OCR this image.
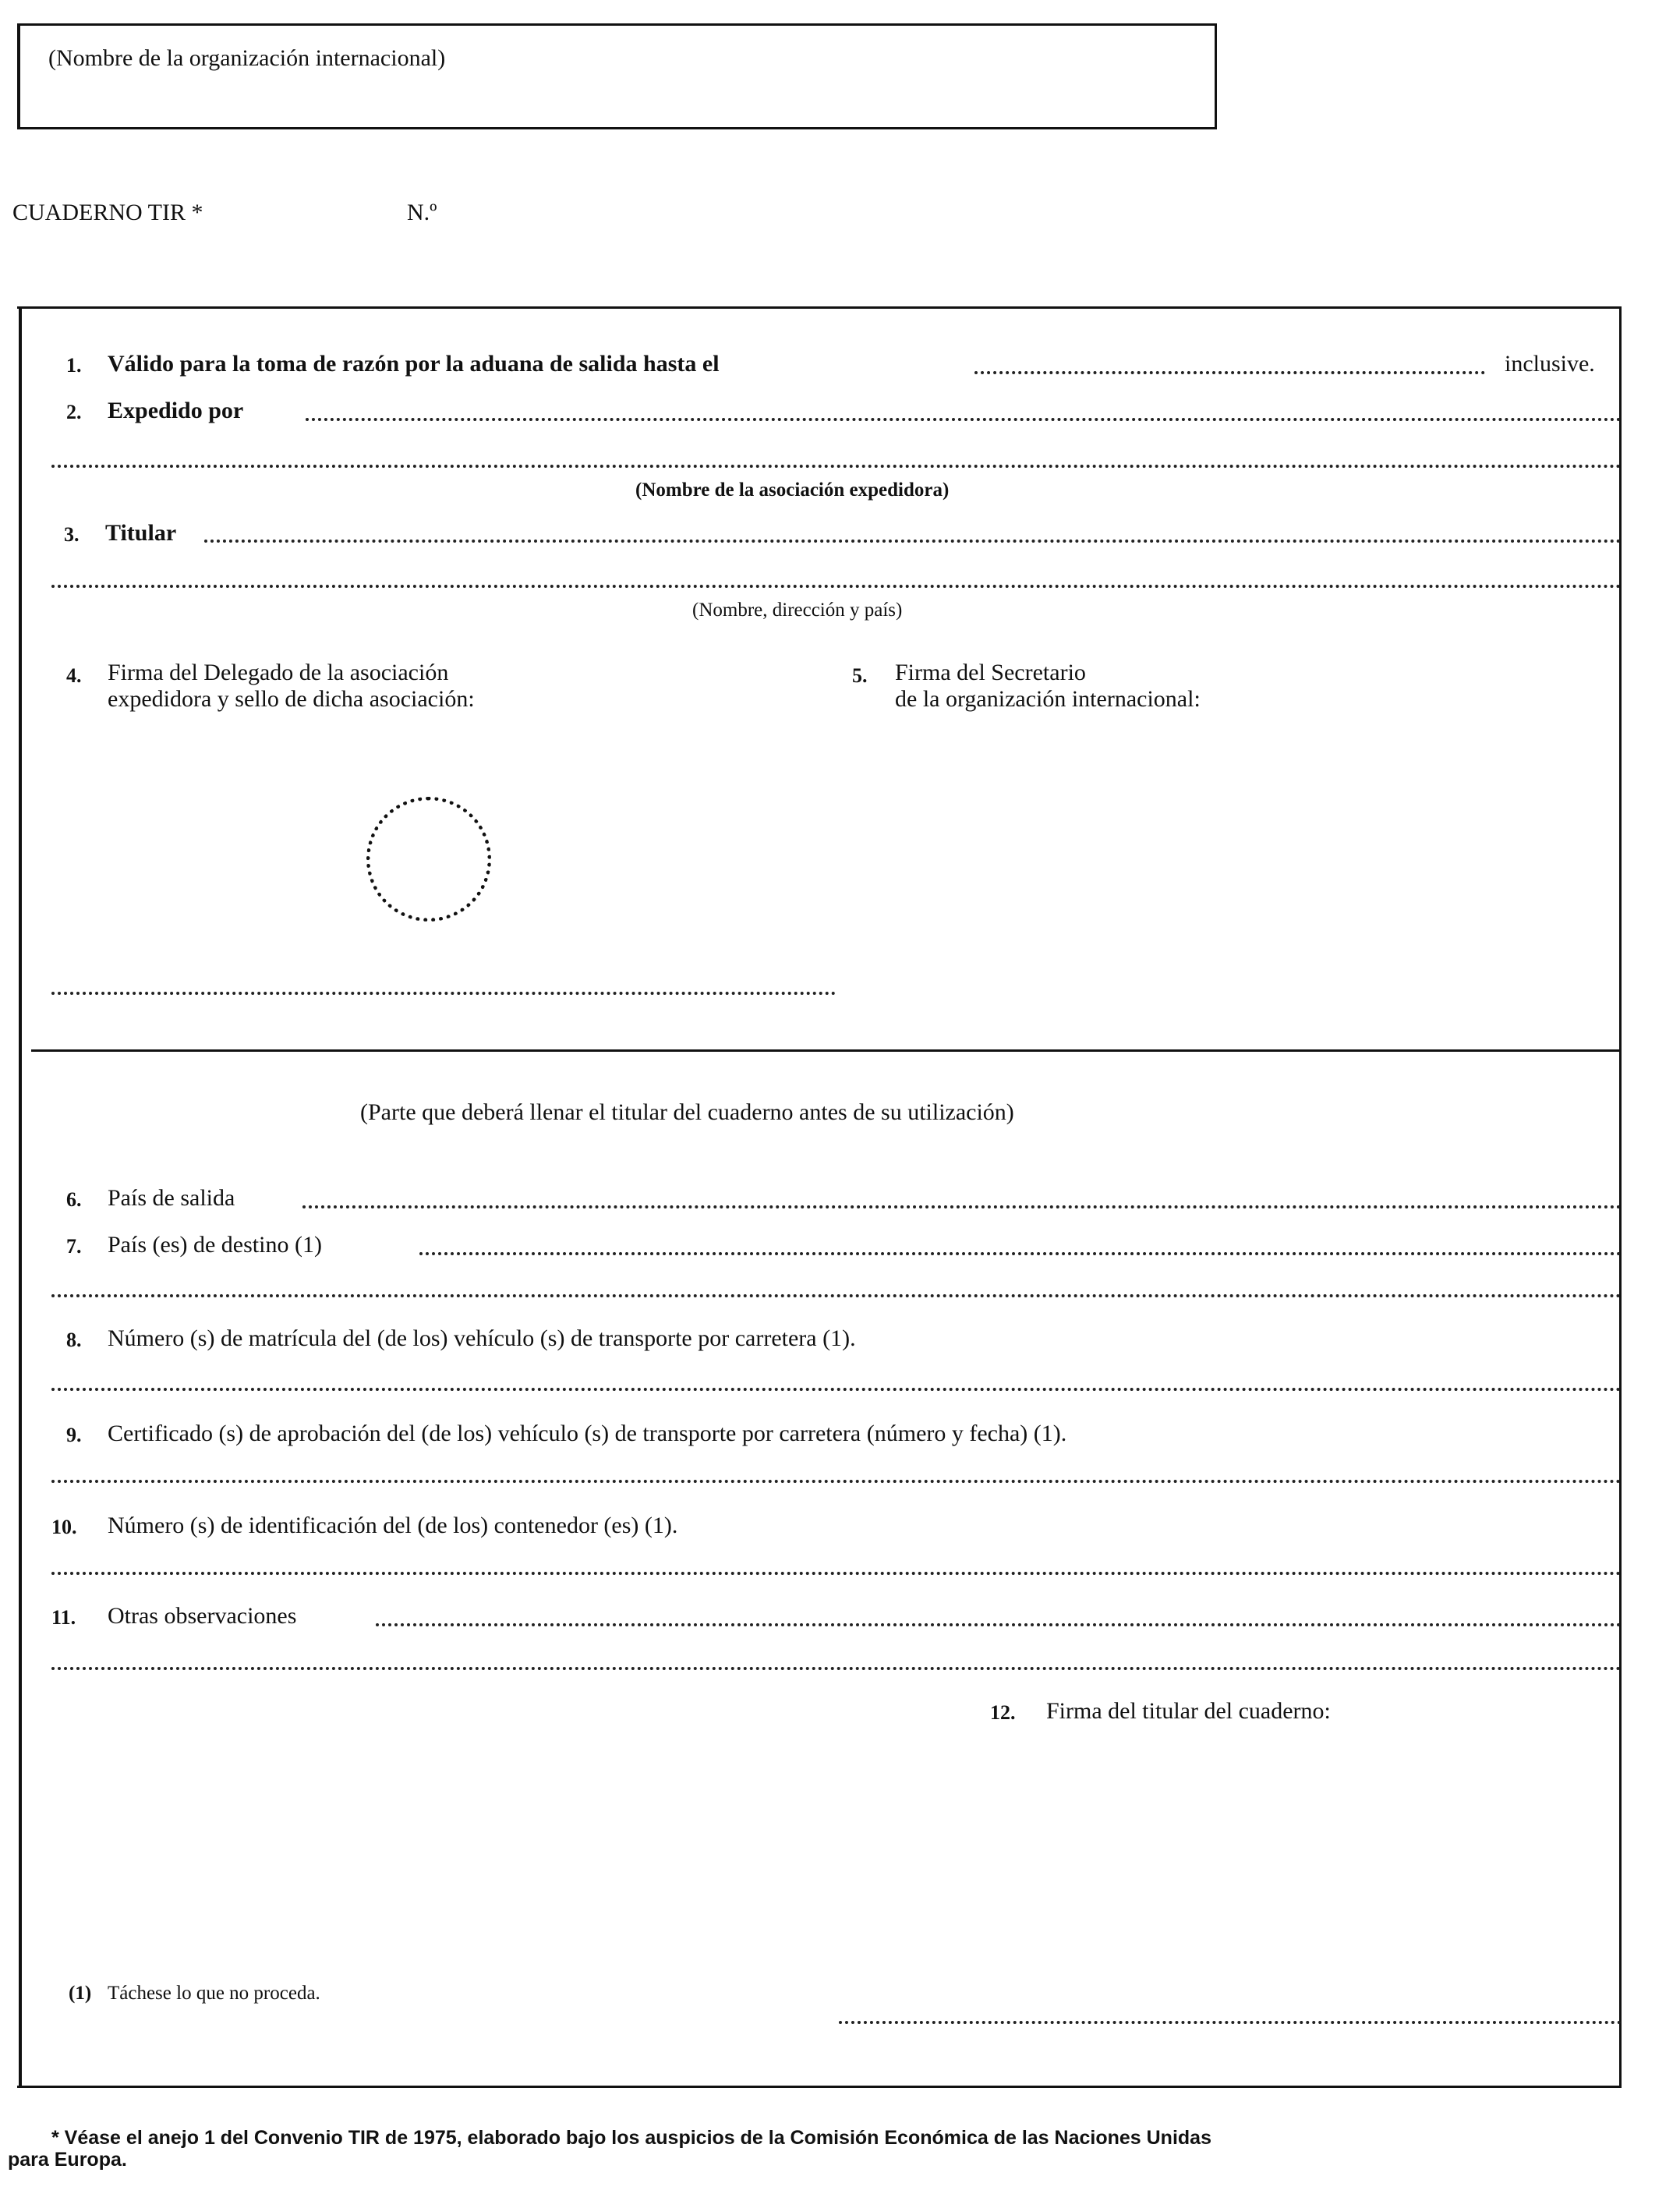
(Nombre de la organización internacional)
CUADERNO TIR *	N.º
1. Válido para la toma de razón por la aduana de salida hasta el	inclusive.
2. Expedido por
(Nombre de la asociación expedidora)
3. Titular
(Nombre, dirección y país)
4. Firma del Delegado de la asociación
expedidora y sello de dicha asociación:
5. Firma del Secretario
de la organización internacional:
(Parte que deberá llenar el titular del cuaderno antes de su utilización)
6. País de salida
7. País (es) de destino (1)
8. Número (s) de matrícula del (de los) vehículo (s) de transporte por carretera (1).
9. Certificado (s) de aprobación del (de los) vehículo (s) de transporte por carretera (número y fecha) (1).
10. Número (s) de identificación del (de los) contenedor (es) (1).
11. Otras observaciones
12. Firma del titular del cuaderno:
(1) Táchese lo que no proceda.
* Véase el anejo 1 del Convenio TIR de 1975, elaborado bajo los auspicios de la Comisión Económica de las Naciones Unidas
para Europa.
